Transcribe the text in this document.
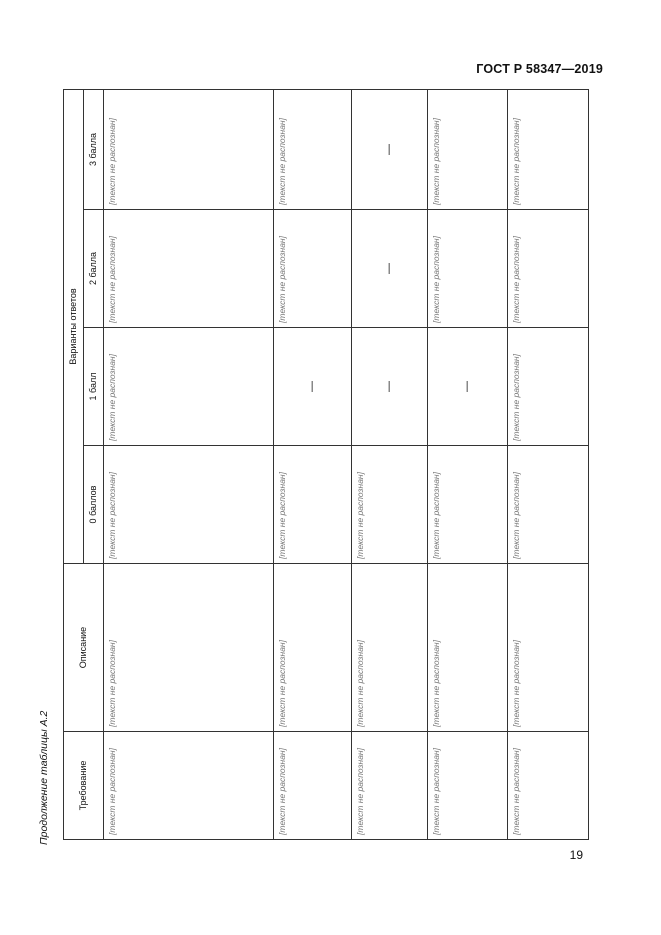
ГОСТ Р 58347—2019
Продолжение таблицы А.2	Требование	Описание	Варианты ответов			
		0 баллов	1 балл	2 балла	3 балла
[текст не распознан]	[текст не распознан]	[текст не распознан]	[текст не распознан]	[текст не распознан]	[текст не распознан]
[текст не распознан]	[текст не распознан]	[текст не распознан]	—	[текст не распознан]	[текст не распознан]
[текст не распознан]	[текст не распознан]	[текст не распознан]	—	—	—
[текст не распознан]	[текст не распознан]	[текст не распознан]	—	[текст не распознан]	[текст не распознан]
[текст не распознан]	[текст не распознан]	[текст не распознан]	[текст не распознан]	[текст не распознан]	[текст не распознан]
19
